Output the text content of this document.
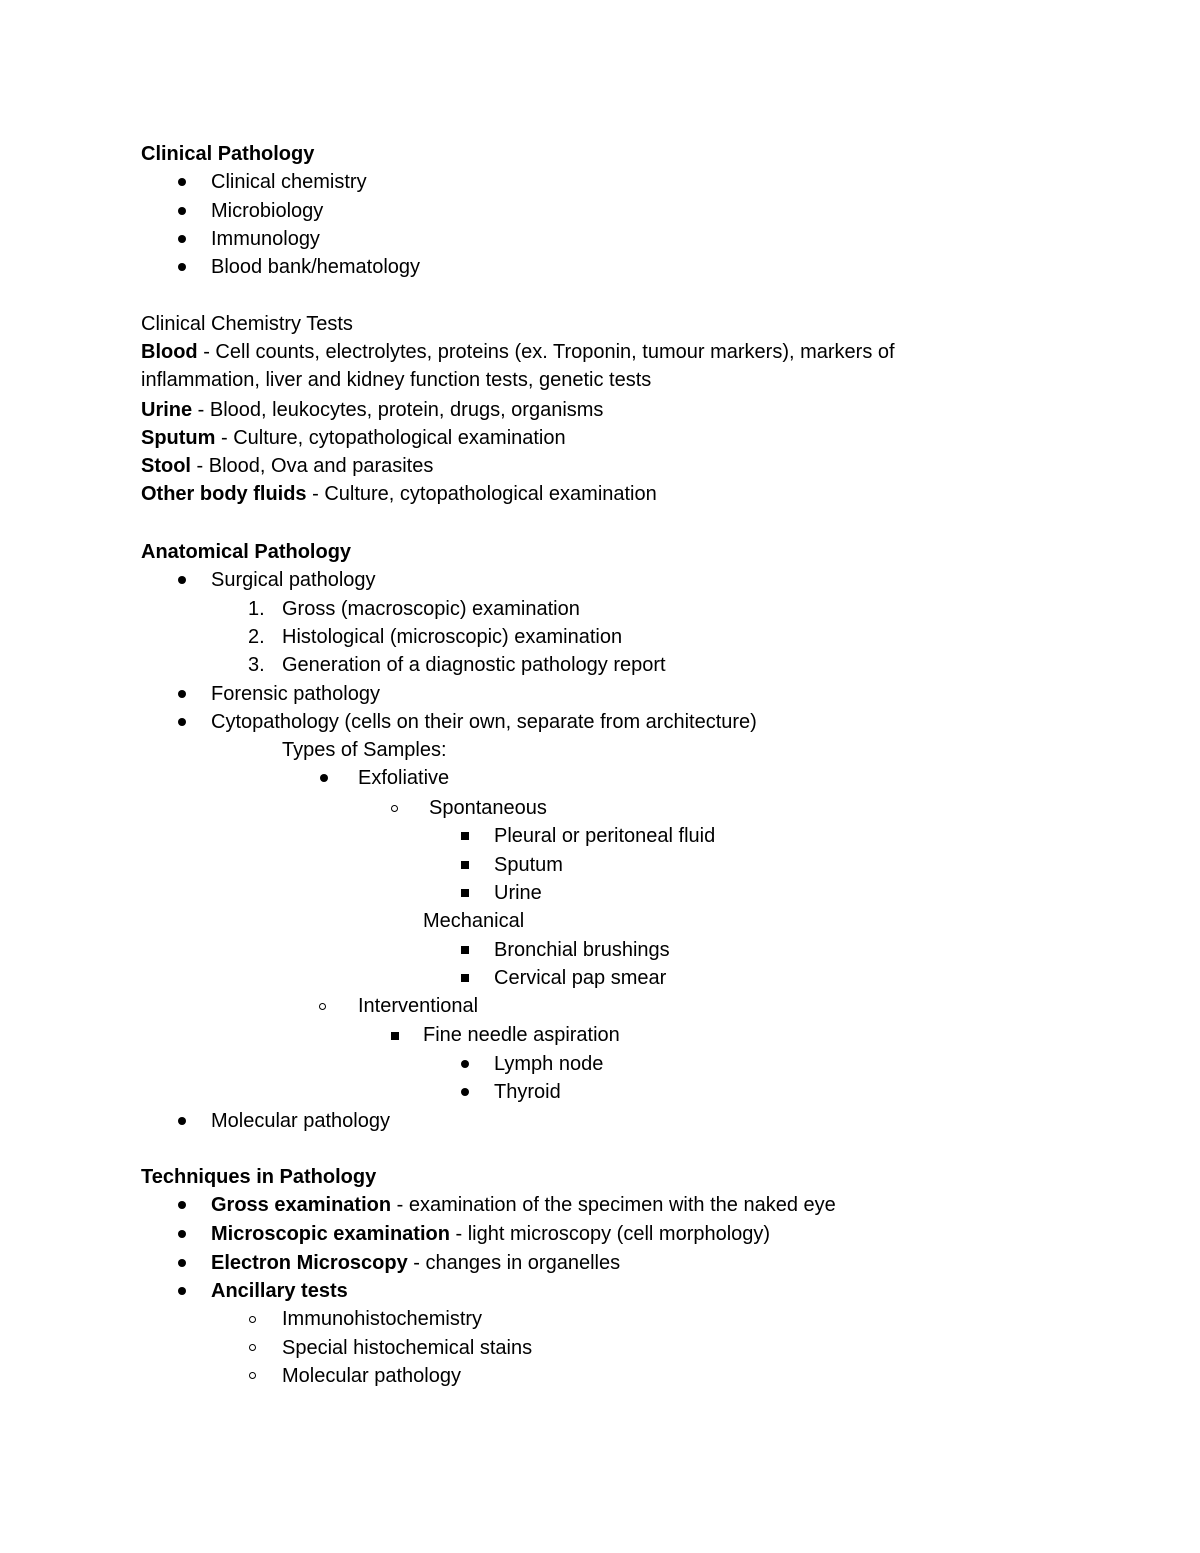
Clinical Pathology
Clinical chemistry
Microbiology
Immunology
Blood bank/hematology
Clinical Chemistry Tests
Blood - Cell counts, electrolytes, proteins (ex. Troponin, tumour markers), markers of
inflammation, liver and kidney function tests, genetic tests
Urine - Blood, leukocytes, protein, drugs, organisms
Sputum - Culture, cytopathological examination
Stool - Blood, Ova and parasites
Other body fluids - Culture, cytopathological examination
Anatomical Pathology
Surgical pathology
1. Gross (macroscopic) examination
2. Histological (microscopic) examination
3. Generation of a diagnostic pathology report
Forensic pathology
Cytopathology (cells on their own, separate from architecture)
Types of Samples:
Exfoliative
Spontaneous
Pleural or peritoneal fluid
Sputum
Urine
Mechanical
Bronchial brushings
Cervical pap smear
Interventional
Fine needle aspiration
Lymph node
Thyroid
Molecular pathology
Techniques in Pathology
Gross examination - examination of the specimen with the naked eye
Microscopic examination - light microscopy (cell morphology)
Electron Microscopy - changes in organelles
Ancillary tests
Immunohistochemistry
Special histochemical stains
Molecular pathology
